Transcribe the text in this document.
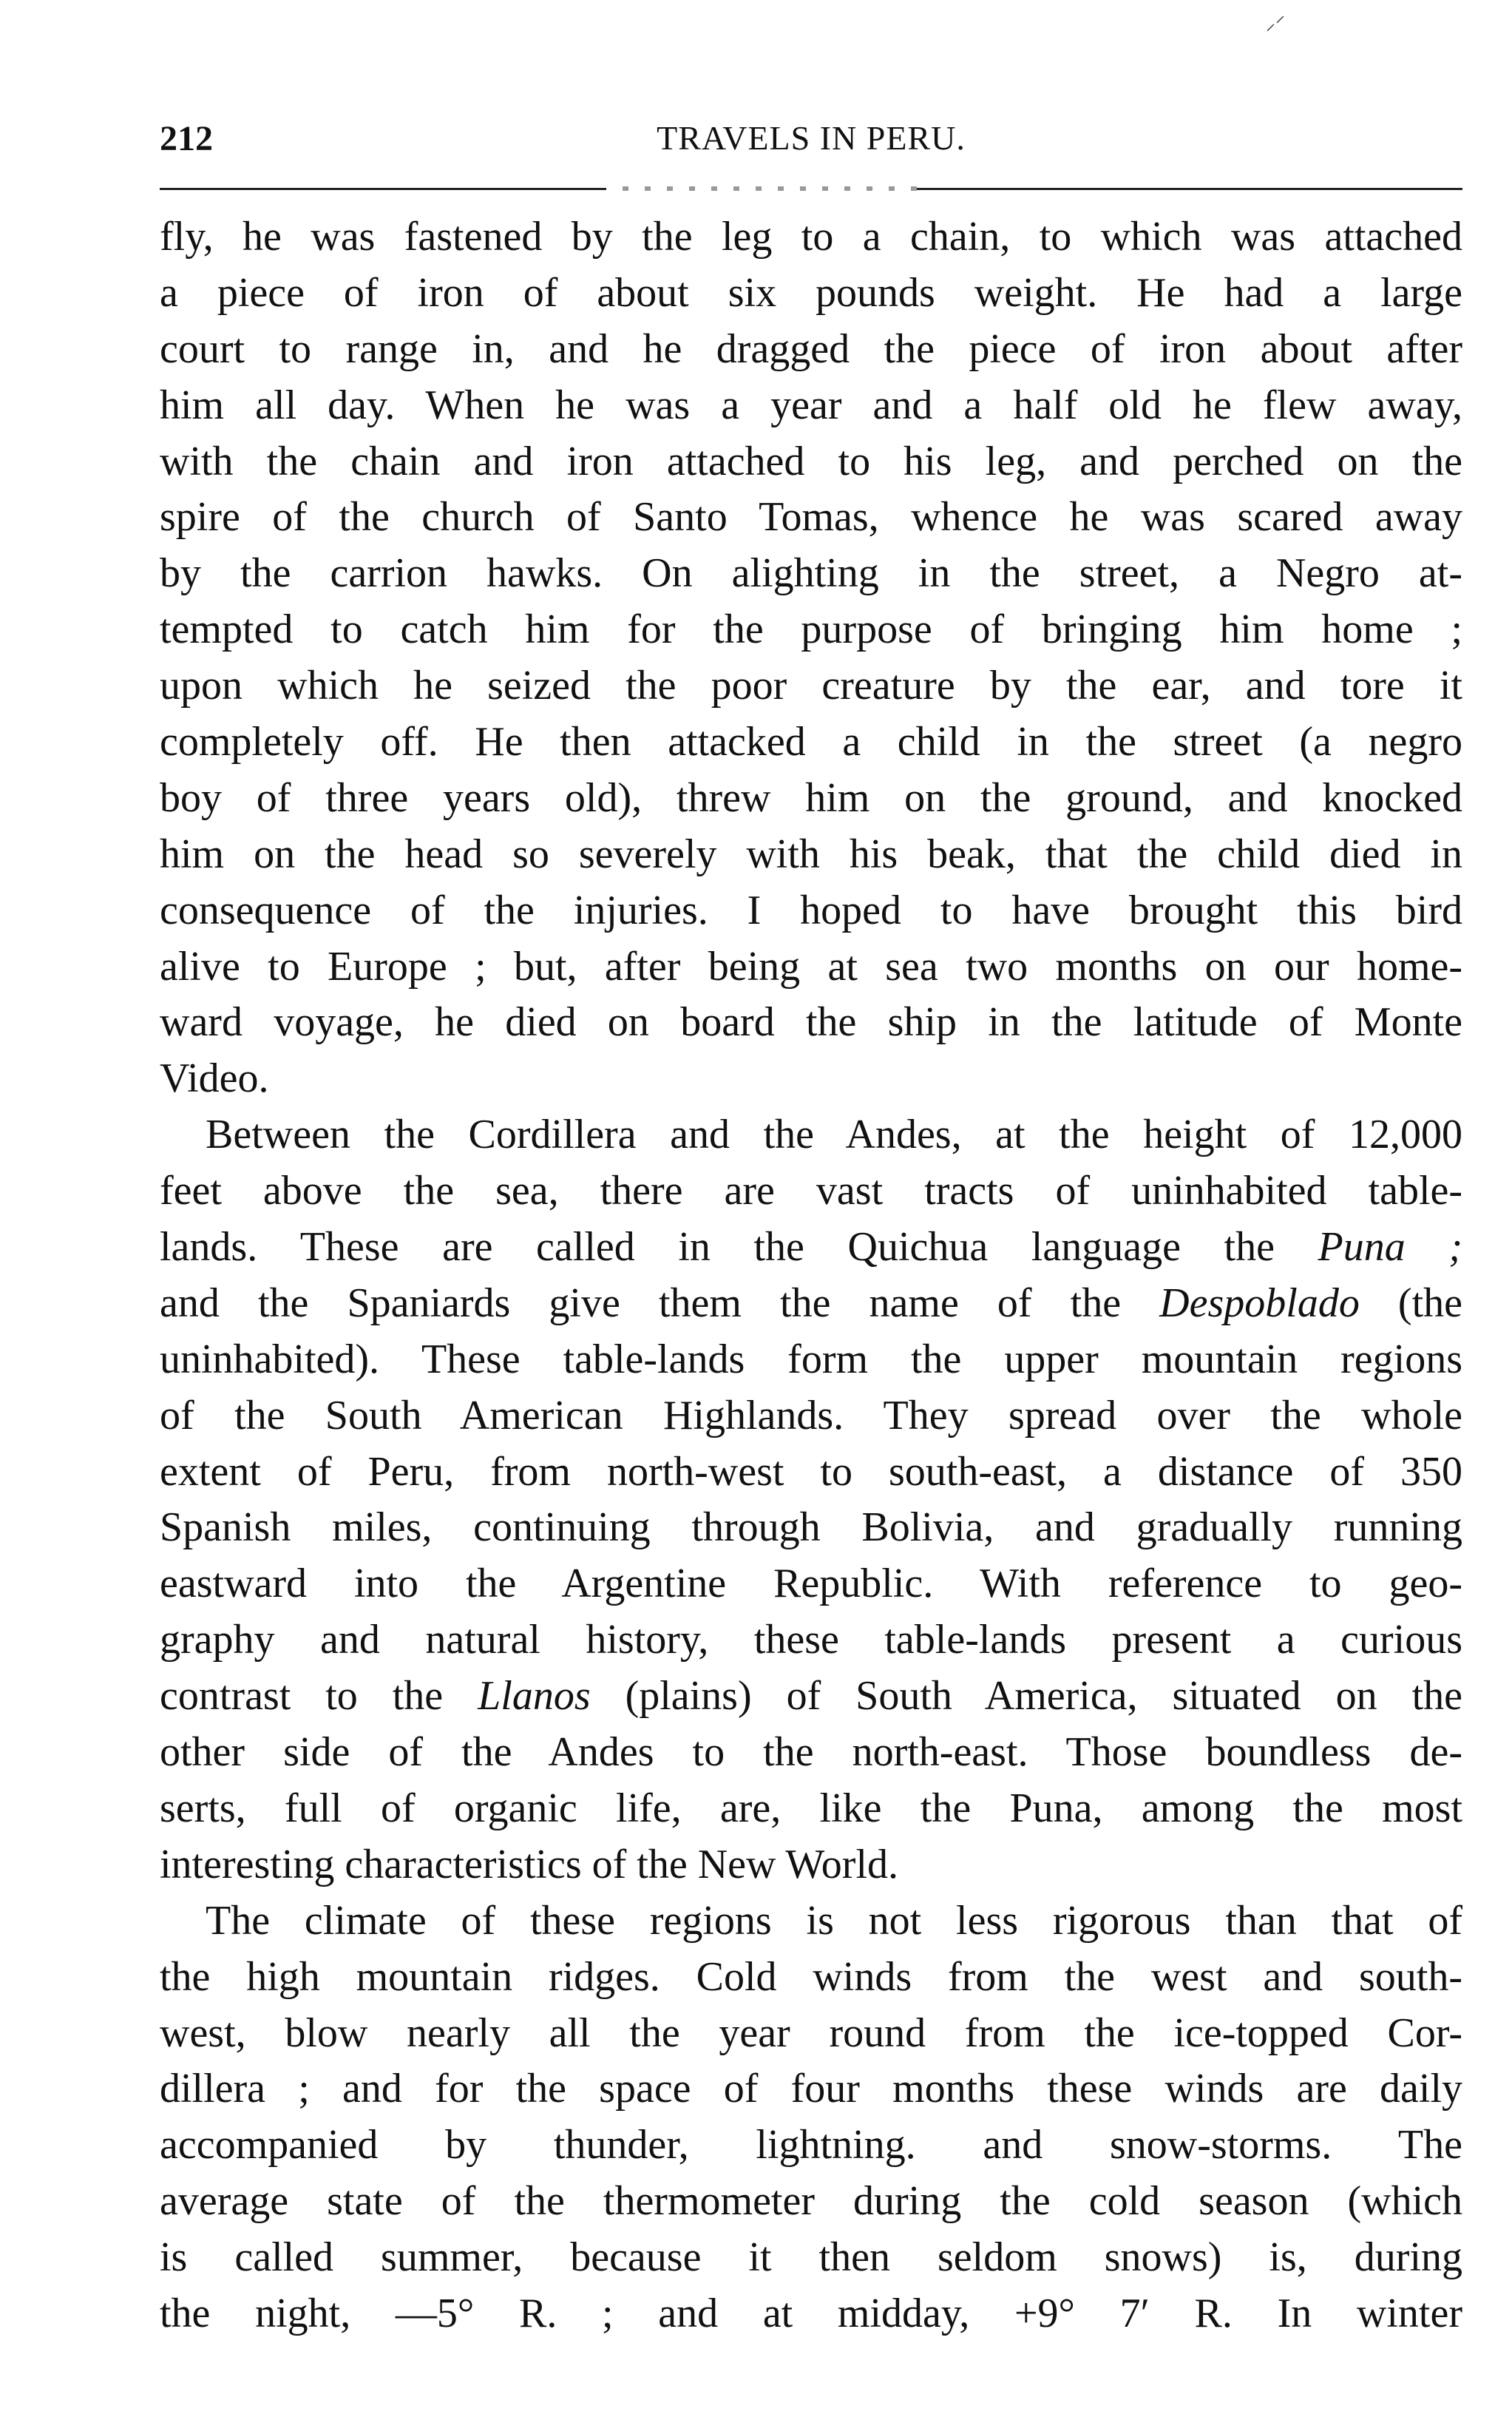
⸝⸍
212	TRAVELS IN PERU.
fly, he was fastened by the leg to a chain, to which was attached
a piece of iron of about six pounds weight. He had a large
court to range in, and he dragged the piece of iron about after
him all day. When he was a year and a half old he flew away,
with the chain and iron attached to his leg, and perched on the
spire of the church of Santo Tomas, whence he was scared away
by the carrion hawks. On alighting in the street, a Negro at-
tempted to catch him for the purpose of bringing him home ;
upon which he seized the poor creature by the ear, and tore it
completely off. He then attacked a child in the street (a negro
boy of three years old), threw him on the ground, and knocked
him on the head so severely with his beak, that the child died in
consequence of the injuries. I hoped to have brought this bird
alive to Europe ; but, after being at sea two months on our home-
ward voyage, he died on board the ship in the latitude of Monte
Video.
Between the Cordillera and the Andes, at the height of 12,000
feet above the sea, there are vast tracts of uninhabited table-
lands. These are called in the Quichua language the Puna ;
and the Spaniards give them the name of the Despoblado (the
uninhabited). These table-lands form the upper mountain regions
of the South American Highlands. They spread over the whole
extent of Peru, from north-west to south-east, a distance of 350
Spanish miles, continuing through Bolivia, and gradually running
eastward into the Argentine Republic. With reference to geo-
graphy and natural history, these table-lands present a curious
contrast to the Llanos (plains) of South America, situated on the
other side of the Andes to the north-east. Those boundless de-
serts, full of organic life, are, like the Puna, among the most
interesting characteristics of the New World.
The climate of these regions is not less rigorous than that of
the high mountain ridges. Cold winds from the west and south-
west, blow nearly all the year round from the ice-topped Cor-
dillera ; and for the space of four months these winds are daily
accompanied by thunder, lightning. and snow-storms. The
average state of the thermometer during the cold season (which
is called summer, because it then seldom snows) is, during
the night, —5° R. ; and at midday, +9° 7′ R. In winter
